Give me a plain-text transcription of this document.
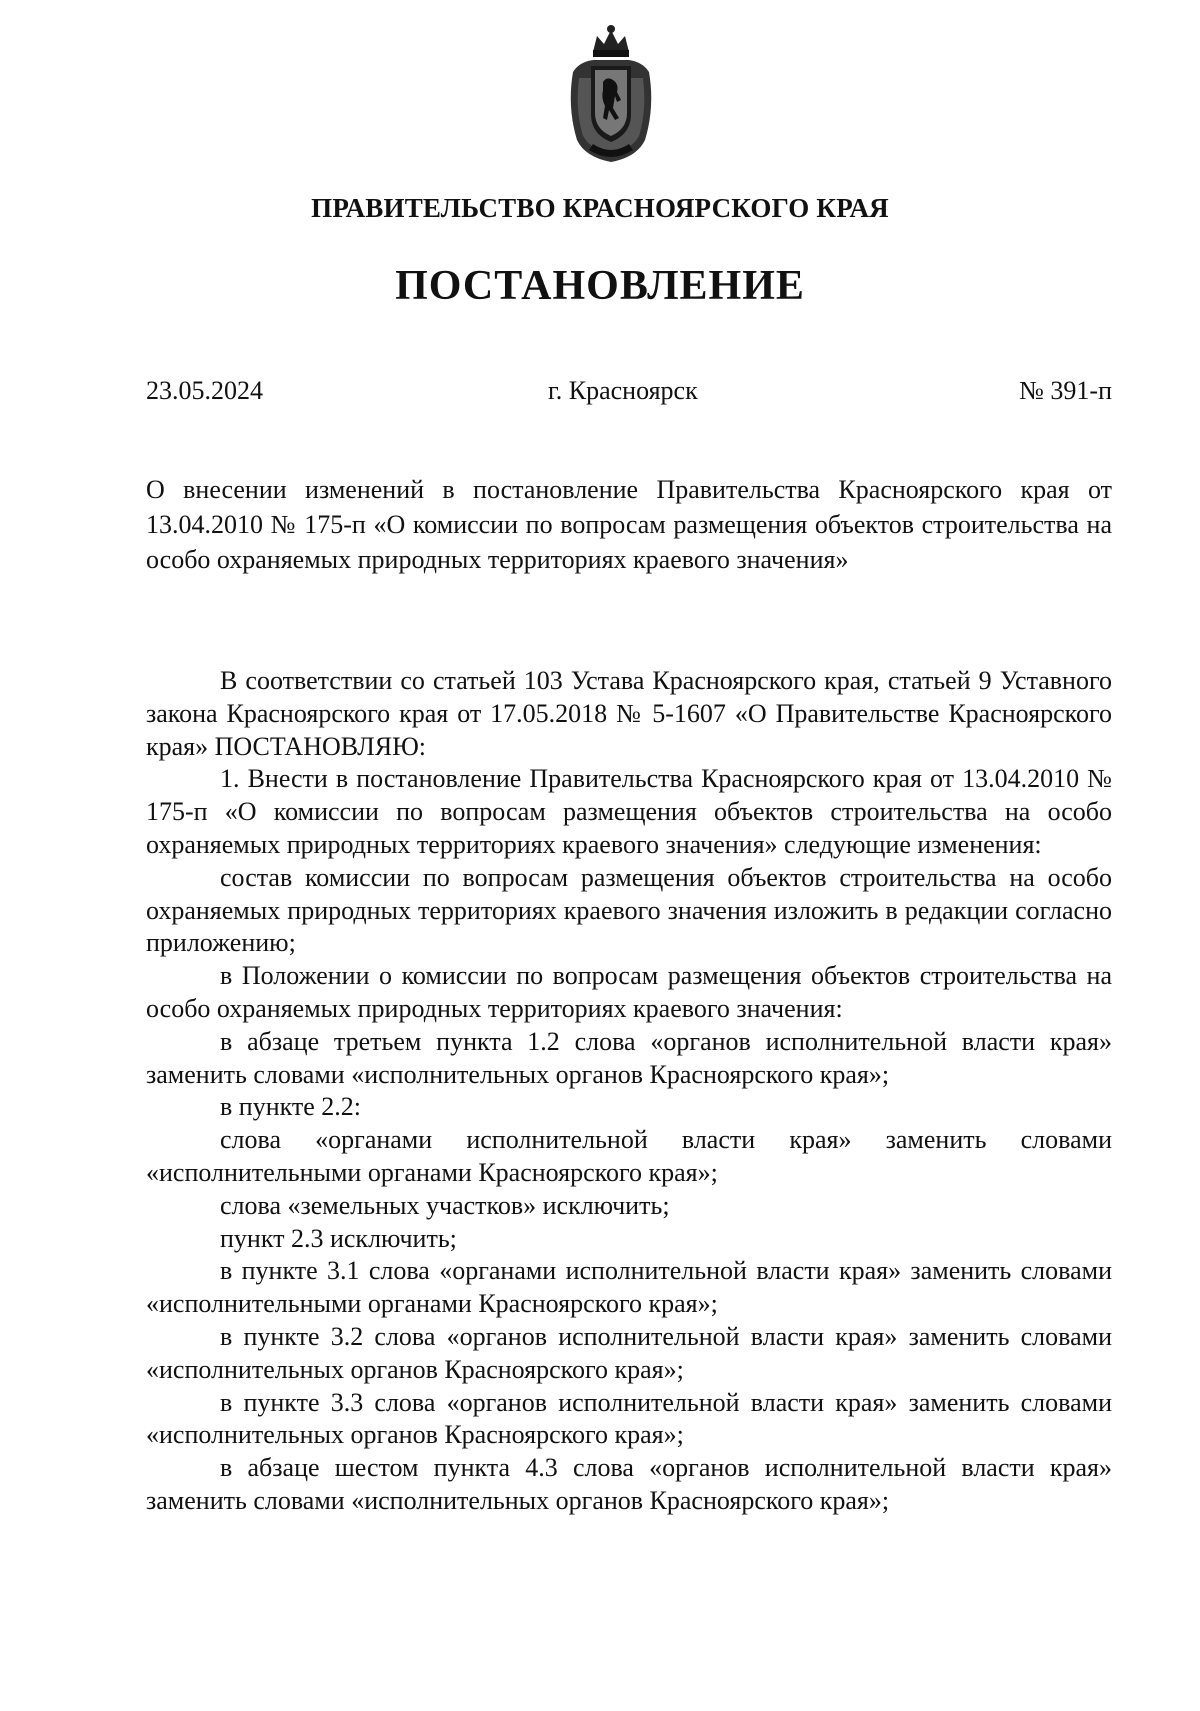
ПРАВИТЕЛЬСТВО КРАСНОЯРСКОГО КРАЯ
ПОСТАНОВЛЕНИЕ
23.05.2024	г. Красноярск	№ 391-п
О внесении изменений в постановление Правительства Красноярского края от 13.04.2010 № 175-п «О комиссии по вопросам размещения объектов строительства на особо охраняемых природных территориях краевого значения»

В соответствии со статьей 103 Устава Красноярского края, статьей 9 Уставного закона Красноярского края от 17.05.2018 № 5-1607 «О Правительстве Красноярского края» ПОСТАНОВЛЯЮ:

1. Внести в постановление Правительства Красноярского края от 13.04.2010 № 175-п «О комиссии по вопросам размещения объектов строительства на особо охраняемых природных территориях краевого значения» следующие изменения:

состав комиссии по вопросам размещения объектов строительства на особо охраняемых природных территориях краевого значения изложить в редакции согласно приложению;

в Положении о комиссии по вопросам размещения объектов строительства на особо охраняемых природных территориях краевого значения:

в абзаце третьем пункта 1.2 слова «органов исполнительной власти края» заменить словами «исполнительных органов Красноярского края»;

в пункте 2.2:

слова «органами исполнительной власти края» заменить словами «исполнительными органами Красноярского края»;

слова «земельных участков» исключить;

пункт 2.3 исключить;

в пункте 3.1 слова «органами исполнительной власти края» заменить словами «исполнительными органами Красноярского края»;

в пункте 3.2 слова «органов исполнительной власти края» заменить словами «исполнительных органов Красноярского края»;

в пункте 3.3 слова «органов исполнительной власти края» заменить словами «исполнительных органов Красноярского края»;

в абзаце шестом пункта 4.3 слова «органов исполнительной власти края» заменить словами «исполнительных органов Красноярского края»;
